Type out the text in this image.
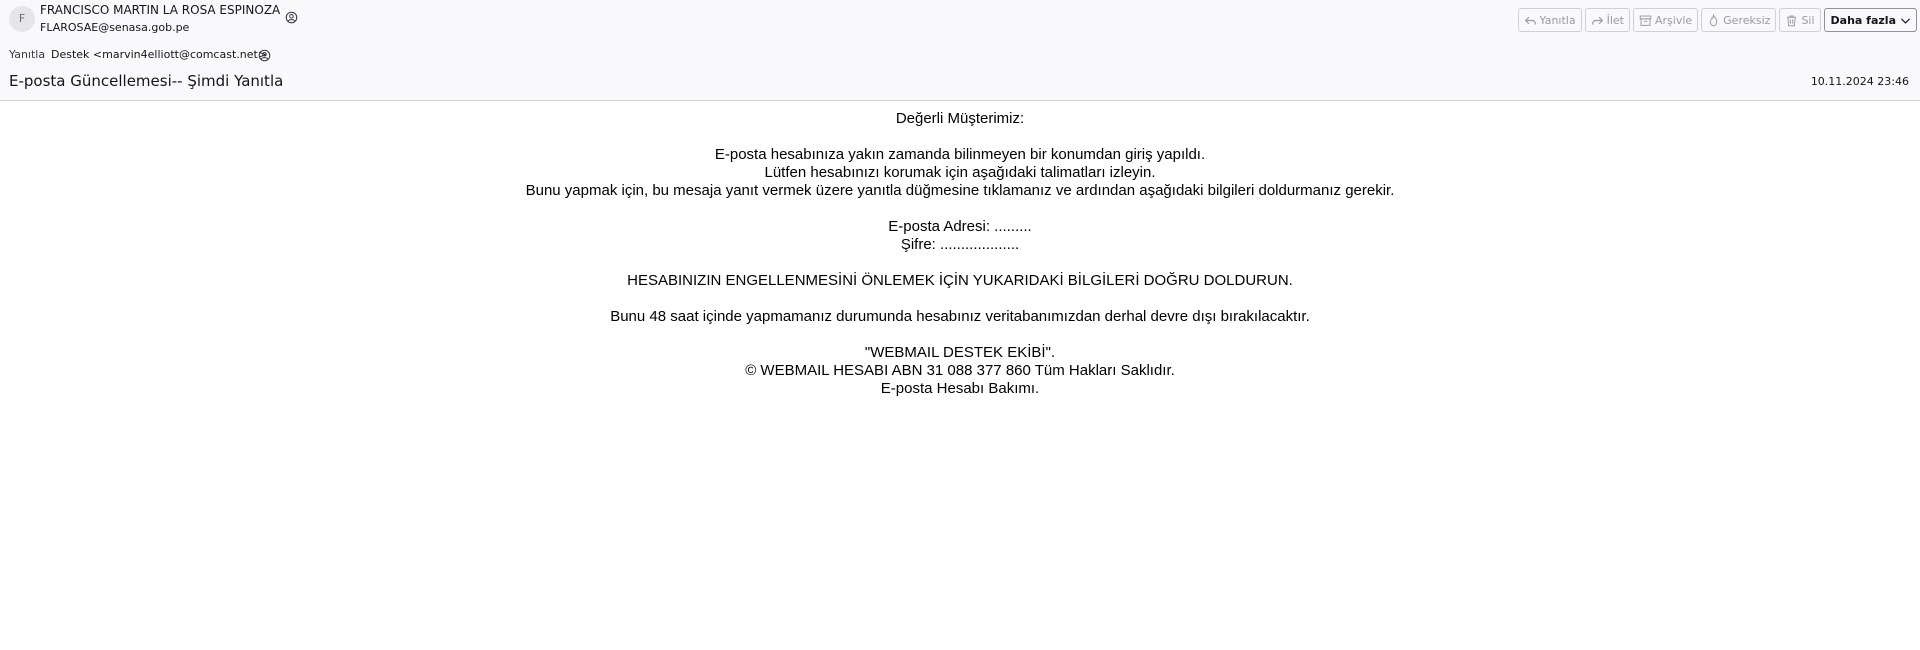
F
FRANCISCO MARTIN LA ROSA ESPINOZA
FLAROSAE@senasa.gob.pe
Yanıtla Destek <marvin4elliott@comcast.net>
E-posta Güncellemesi-- Şimdi Yanıtla	10.11.2024 23:46
Yanıtla	İlet	Arşivle	Gereksiz	Sil Daha fazla

Değerli Müşterimiz:

E-posta hesabınıza yakın zamanda bilinmeyen bir konumdan giriş yapıldı.

Lütfen hesabınızı korumak için aşağıdaki talimatları izleyin.

Bunu yapmak için, bu mesaja yanıt vermek üzere yanıtla düğmesine tıklamanız ve ardından aşağıdaki bilgileri doldurmanız gerekir.

E-posta Adresi: .........

Şifre: ...................

HESABINIZIN ENGELLENMESİNİ ÖNLEMEK İÇİN YUKARIDAKİ BİLGİLERİ DOĞRU DOLDURUN.

Bunu 48 saat içinde yapmamanız durumunda hesabınız veritabanımızdan derhal devre dışı bırakılacaktır.

"WEBMAIL DESTEK EKİBİ".

© WEBMAIL HESABI ABN 31 088 377 860 Tüm Hakları Saklıdır.

E-posta Hesabı Bakımı.
